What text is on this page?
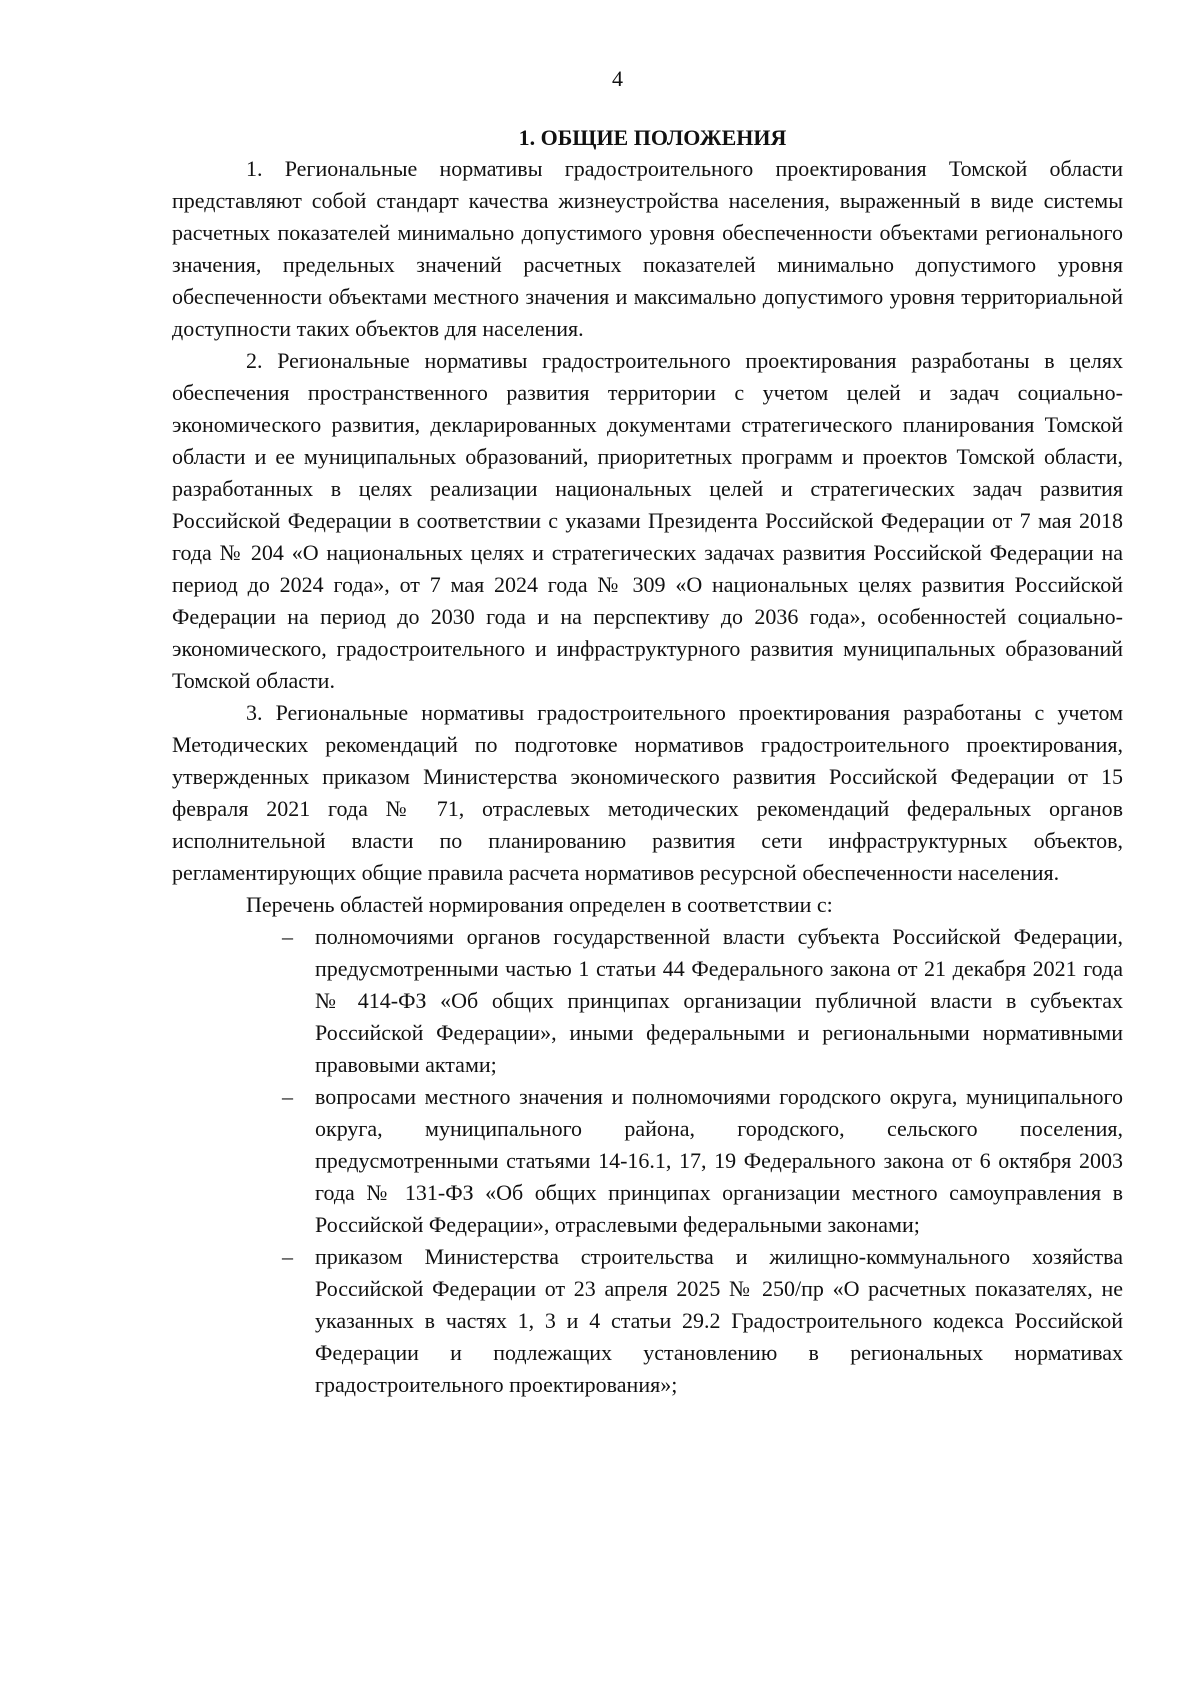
4
1. ОБЩИЕ ПОЛОЖЕНИЯ

1. Региональные нормативы градостроительного проектирования Томской области представляют собой стандарт качества жизнеустройства населения, выраженный в виде системы расчетных показателей минимально допустимого уровня обеспеченности объектами регионального значения, предельных значений расчетных показателей минимально допустимого уровня обеспеченности объектами местного значения и максимально допустимого уровня территориальной доступности таких объектов для населения.

2. Региональные нормативы градостроительного проектирования разработаны в целях обеспечения пространственного развития территории с учетом целей и задач социально-экономического развития, декларированных документами стратегического планирования Томской области и ее муниципальных образований, приоритетных программ и проектов Томской области, разработанных в целях реализации национальных целей и стратегических задач развития Российской Федерации в соответствии с указами Президента Российской Федерации от 7 мая 2018 года № 204 «О национальных целях и стратегических задачах развития Российской Федерации на период до 2024 года», от 7 мая 2024 года № 309 «О национальных целях развития Российской Федерации на период до 2030 года и на перспективу до 2036 года», особенностей социально-экономического, градостроительного и инфраструктурного развития муниципальных образований Томской области.

3. Региональные нормативы градостроительного проектирования разработаны с учетом Методических рекомендаций по подготовке нормативов градостроительного проектирования, утвержденных приказом Министерства экономического развития Российской Федерации от 15 февраля 2021 года № 71, отраслевых методических рекомендаций федеральных органов исполнительной власти по планированию развития сети инфраструктурных объектов, регламентирующих общие правила расчета нормативов ресурсной обеспеченности населения.

Перечень областей нормирования определен в соответствии с:

– полномочиями органов государственной власти субъекта Российской Федерации, предусмотренными частью 1 статьи 44 Федерального закона от 21 декабря 2021 года № 414-ФЗ «Об общих принципах организации публичной власти в субъектах Российской Федерации», иными федеральными и региональными нормативными правовыми актами;
– вопросами местного значения и полномочиями городского округа, муниципального округа, муниципального района, городского, сельского поселения, предусмотренными статьями 14-16.1, 17, 19 Федерального закона от 6 октября 2003 года № 131-ФЗ «Об общих принципах организации местного самоуправления в Российской Федерации», отраслевыми федеральными законами;
– приказом Министерства строительства и жилищно-коммунального хозяйства Российской Федерации от 23 апреля 2025 № 250/пр «О расчетных показателях, не указанных в частях 1, 3 и 4 статьи 29.2 Градостроительного кодекса Российской Федерации и подлежащих установлению в региональных нормативах градостроительного проектирования»;
